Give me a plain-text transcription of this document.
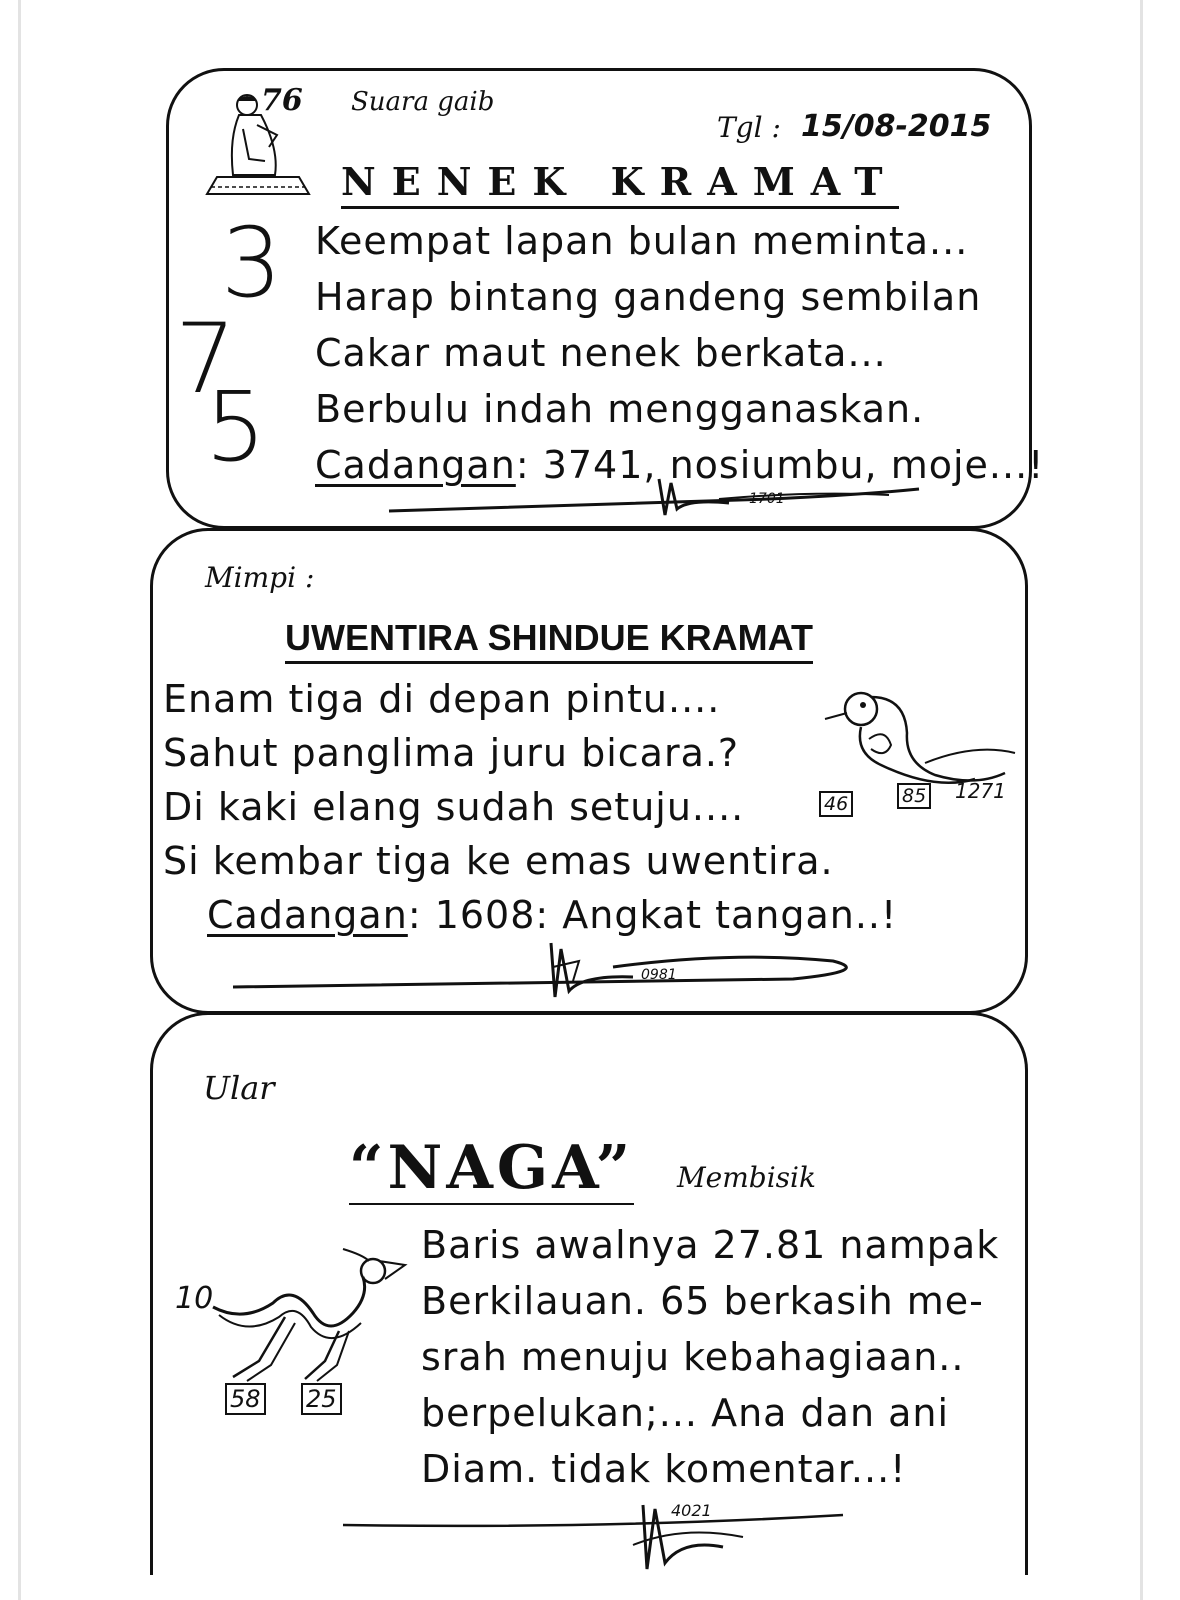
76 Suara gaib
Tgl : 15/08-2015
NENEK KRAMAT
3
7
5
Keempat lapan bulan meminta...
Harap bintang gandeng sembilan
Cakar maut nenek berkata...
Berbulu indah mengganaskan.
Cadangan: 3741, nosiumbu, moje...!
1701
Mimpi :
UWENTIRA SHINDUE KRAMAT
Enam tiga di depan pintu....
Sahut panglima juru bicara.?
Di kaki elang sudah setuju....
Si kembar tiga ke emas uwentira.
Cadangan: 1608: Angkat tangan..!
46	85 1271
0981
Ular
“NAGA” Membisik
Baris awalnya 27.81 nampak
Berkilauan. 65 berkasih me-
srah menuju kebahagiaan..
berpelukan;... Ana dan ani
Diam. tidak komentar...!
10
58 25
4021
